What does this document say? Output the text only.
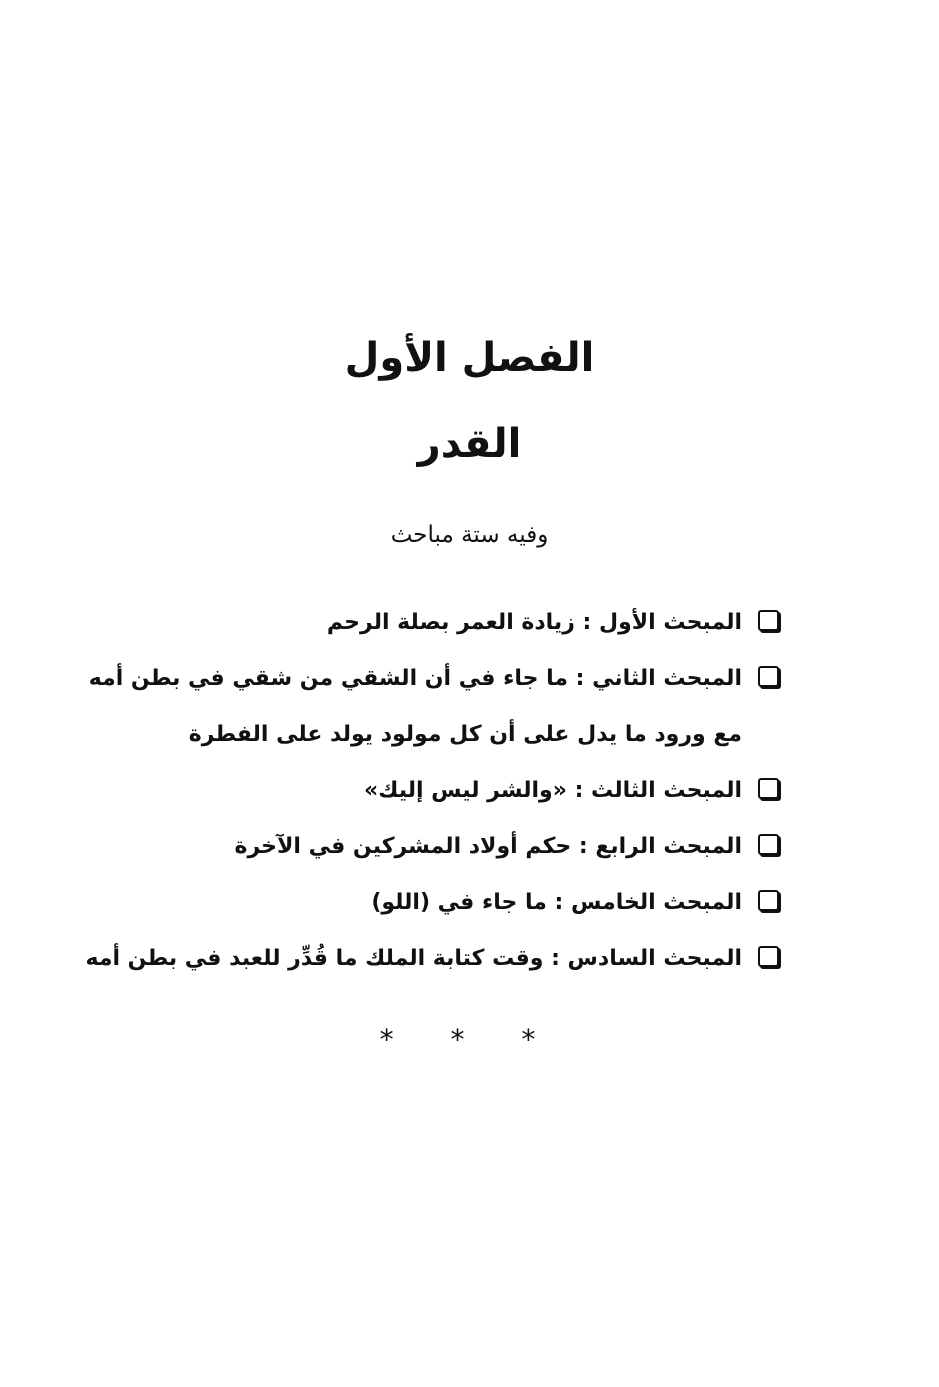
الفصل الأول
القدر
وفيه ستة مباحث
المبحث الأول : زيادة العمر بصلة الرحم
المبحث الثاني : ما جاء في أن الشقي من شقي في بطن أمه
مع ورود ما يدل على أن كل مولود يولد على الفطرة
المبحث الثالث : «والشر ليس إليك»
المبحث الرابع : حكم أولاد المشركين في الآخرة
المبحث الخامس : ما جاء في (اللو)
المبحث السادس : وقت كتابة الملك ما قُدِّر للعبد في بطن أمه
* * *
